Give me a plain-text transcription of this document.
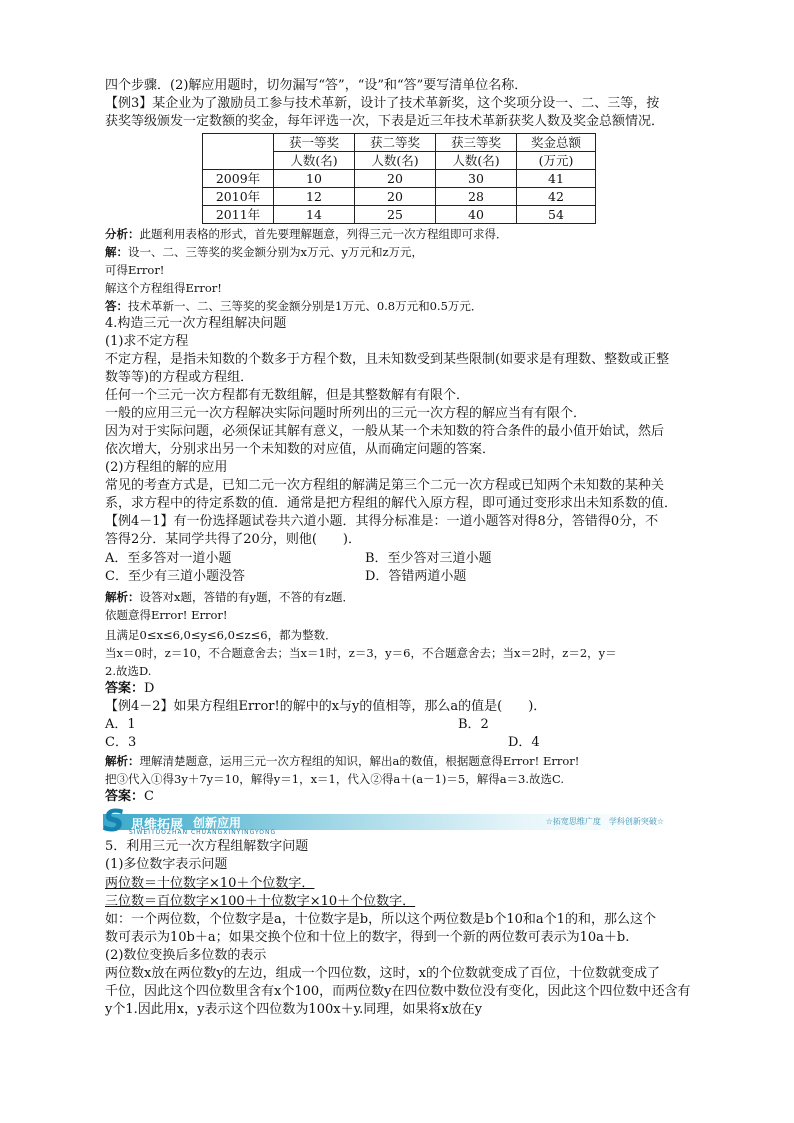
四个步骤．(2)解应用题时，切勿漏写“答”，“设”和“答”要写清单位名称．
【例3】某企业为了激励员工参与技术革新，设计了技术革新奖，这个奖项分设一、二、三等，按
获奖等级颁发一定数额的奖金，每年评选一次，下表是近三年技术革新获奖人数及奖金总额情况．
	获一等奖	获二等奖	获三等奖	奖金总额
	人数(名)	人数(名)	人数(名)	(万元)
2009年	10	20	30	41
2010年	12	20	28	42
2011年	14	25	40	54
分析：此题利用表格的形式，首先要理解题意，列得三元一次方程组即可求得．
解：设一、二、三等奖的奖金额分别为x万元、y万元和z万元，
可得Error!
解这个方程组得Error!
答：技术革新一、二、三等奖的奖金额分别是1万元、0.8万元和0.5万元．
4.构造三元一次方程组解决问题
(1)求不定方程
不定方程，是指未知数的个数多于方程个数，且未知数受到某些限制(如要求是有理数、整数或正整
数等等)的方程或方程组．
任何一个三元一次方程都有无数组解，但是其整数解有有限个．
一般的应用三元一次方程解决实际问题时所列出的三元一次方程的解应当有有限个．
因为对于实际问题，必须保证其解有意义，一般从某一个未知数的符合条件的最小值开始试，然后
依次增大，分别求出另一个未知数的对应值，从而确定问题的答案．
(2)方程组的解的应用
常见的考查方式是，已知二元一次方程组的解满足第三个二元一次方程或已知两个未知数的某种关
系，求方程中的待定系数的值．通常是把方程组的解代入原方程，即可通过变形求出未知系数的值．
【例4－1】有一份选择题试卷共六道小题．其得分标准是：一道小题答对得8分，答错得0分，不
答得2分．某同学共得了20分，则他(　　)．
A．至多答对一道小题	B．至少答对三道小题
C．至少有三道小题没答	D．答错两道小题
解析：设答对x题，答错的有y题，不答的有z题．
依题意得Error! Error!
且满足0≤x≤6,0≤y≤6,0≤z≤6，都为整数．
当x＝0时，z＝10，不合题意舍去；当x＝1时，z＝3，y＝6，不合题意舍去；当x＝2时，z＝2，y＝
2.故选D.
答案：D
【例4－2】如果方程组Error!的解中的x与y的值相等，那么a的值是(　　)．
A．1	B．2
C．3	D．4
解析：理解清楚题意，运用三元一次方程组的知识，解出a的数值，根据题意得Error! Error!
把③代入①得3y＋7y＝10，解得y＝1，x＝1，代入②得a＋(a－1)＝5，解得a＝3.故选C.
答案：C
S 思维拓展 创新应用
SIWEITUOZHAN CHUANGXINYINGYONG
☆拓宽思维广度　学科创新突破☆
5．利用三元一次方程组解数字问题
(1)多位数字表示问题
两位数＝十位数字×10＋个位数字．
三位数＝百位数字×100＋十位数字×10＋个位数字．
如：一个两位数，个位数字是a，十位数字是b，所以这个两位数是b个10和a个1的和，那么这个
数可表示为10b＋a；如果交换个位和十位上的数字，得到一个新的两位数可表示为10a＋b.
(2)数位变换后多位数的表示
两位数x放在两位数y的左边，组成一个四位数，这时，x的个位数就变成了百位，十位数就变成了
千位，因此这个四位数里含有x个100，而两位数y在四位数中数位没有变化，因此这个四位数中还含有
y个1.因此用x，y表示这个四位数为100x＋y.同理，如果将x放在y
